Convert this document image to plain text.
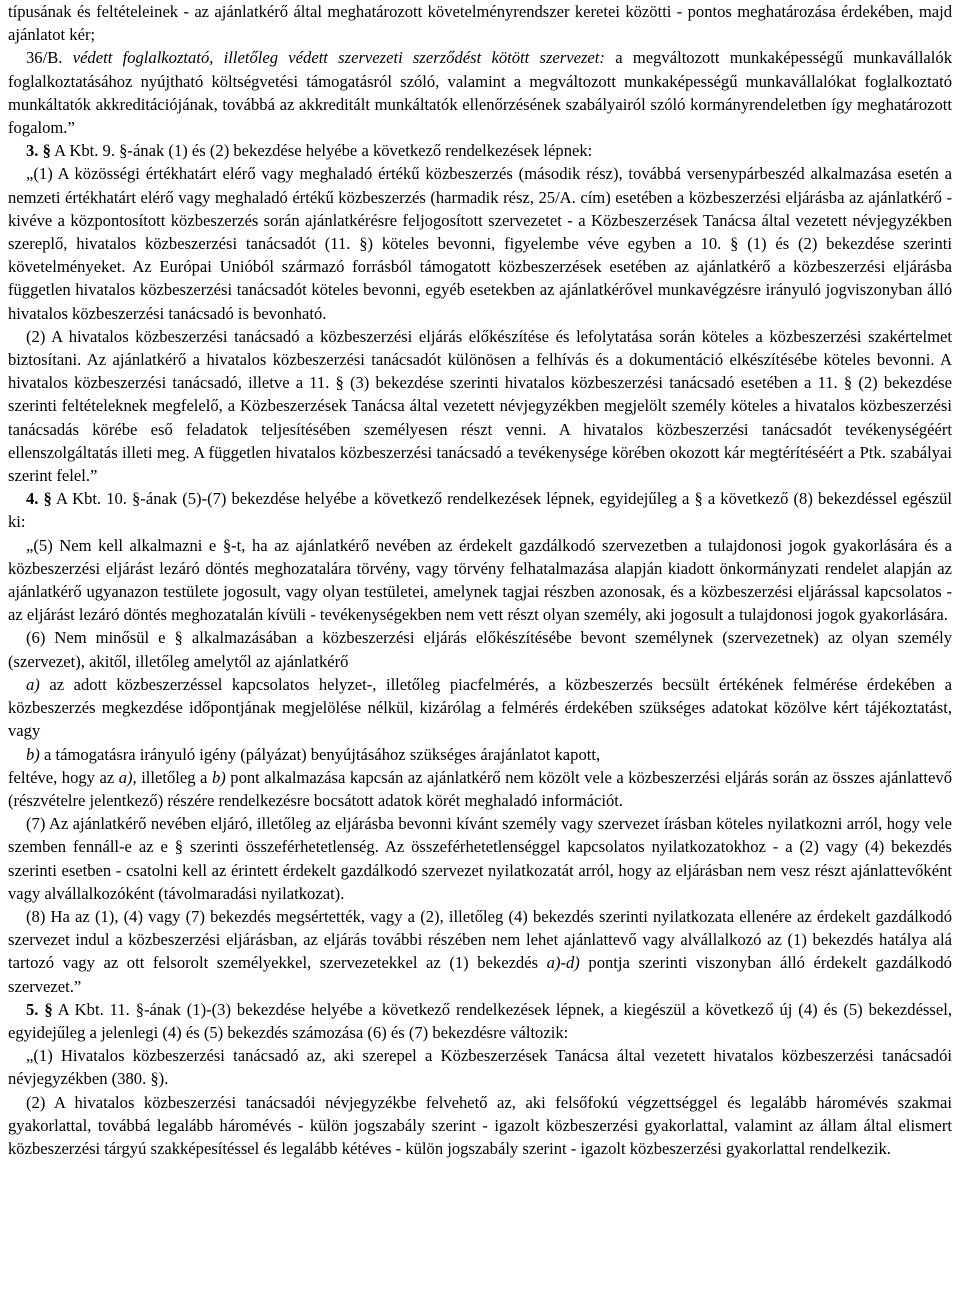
típusának és feltételeinek - az ajánlatkérő által meghatározott követelményrendszer keretei közötti - pontos meghatározása érdekében, majd ajánlatot kér;

36/B. védett foglalkoztató, illetőleg védett szervezeti szerződést kötött szervezet: a megváltozott munkaképességű munkavállalók foglalkoztatásához nyújtható költségvetési támogatásról szóló, valamint a megváltozott munkaképességű munkavállalókat foglalkoztató munkáltatók akkreditációjának, továbbá az akkreditált munkáltatók ellenőrzésének szabályairól szóló kormányrendeletben így meghatározott fogalom.”

3. § A Kbt. 9. §-ának (1) és (2) bekezdése helyébe a következő rendelkezések lépnek:

„(1) A közösségi értékhatárt elérő vagy meghaladó értékű közbeszerzés (második rész), továbbá versenypárbeszéd alkalmazása esetén a nemzeti értékhatárt elérő vagy meghaladó értékű közbeszerzés (harmadik rész, 25/A. cím) esetében a közbeszerzési eljárásba az ajánlatkérő - kivéve a központosított közbeszerzés során ajánlatkérésre feljogosított szervezetet - a Közbeszerzések Tanácsa által vezetett névjegyzékben szereplő, hivatalos közbeszerzési tanácsadót (11. §) köteles bevonni, figyelembe véve egyben a 10. § (1) és (2) bekezdése szerinti követelményeket. Az Európai Unióból származó forrásból támogatott közbeszerzések esetében az ajánlatkérő a közbeszerzési eljárásba független hivatalos közbeszerzési tanácsadót köteles bevonni, egyéb esetekben az ajánlatkérővel munkavégzésre irányuló jogviszonyban álló hivatalos közbeszerzési tanácsadó is bevonható.

(2) A hivatalos közbeszerzési tanácsadó a közbeszerzési eljárás előkészítése és lefolytatása során köteles a közbeszerzési szakértelmet biztosítani. Az ajánlatkérő a hivatalos közbeszerzési tanácsadót különösen a felhívás és a dokumentáció elkészítésébe köteles bevonni. A hivatalos közbeszerzési tanácsadó, illetve a 11. § (3) bekezdése szerinti hivatalos közbeszerzési tanácsadó esetében a 11. § (2) bekezdése szerinti feltételeknek megfelelő, a Közbeszerzések Tanácsa által vezetett névjegyzékben megjelölt személy köteles a hivatalos közbeszerzési tanácsadás körébe eső feladatok teljesítésében személyesen részt venni. A hivatalos közbeszerzési tanácsadót tevékenységéért ellenszolgáltatás illeti meg. A független hivatalos közbeszerzési tanácsadó a tevékenysége körében okozott kár megtérítéséért a Ptk. szabályai szerint felel.”

4. § A Kbt. 10. §-ának (5)-(7) bekezdése helyébe a következő rendelkezések lépnek, egyidejűleg a § a következő (8) bekezdéssel egészül ki:

„(5) Nem kell alkalmazni e §-t, ha az ajánlatkérő nevében az érdekelt gazdálkodó szervezetben a tulajdonosi jogok gyakorlására és a közbeszerzési eljárást lezáró döntés meghozatalára törvény, vagy törvény felhatalmazása alapján kiadott önkormányzati rendelet alapján az ajánlatkérő ugyanazon testülete jogosult, vagy olyan testületei, amelynek tagjai részben azonosak, és a közbeszerzési eljárással kapcsolatos - az eljárást lezáró döntés meghozatalán kívüli - tevékenységekben nem vett részt olyan személy, aki jogosult a tulajdonosi jogok gyakorlására.

(6) Nem minősül e § alkalmazásában a közbeszerzési eljárás előkészítésébe bevont személynek (szervezetnek) az olyan személy (szervezet), akitől, illetőleg amelytől az ajánlatkérő

a) az adott közbeszerzéssel kapcsolatos helyzet-, illetőleg piacfelmérés, a közbeszerzés becsült értékének felmérése érdekében a közbeszerzés megkezdése időpontjának megjelölése nélkül, kizárólag a felmérés érdekében szükséges adatokat közölve kért tájékoztatást, vagy

b) a támogatásra irányuló igény (pályázat) benyújtásához szükséges árajánlatot kapott,

feltéve, hogy az a), illetőleg a b) pont alkalmazása kapcsán az ajánlatkérő nem közölt vele a közbeszerzési eljárás során az összes ajánlattevő (részvételre jelentkező) részére rendelkezésre bocsátott adatok körét meghaladó információt.

(7) Az ajánlatkérő nevében eljáró, illetőleg az eljárásba bevonni kívánt személy vagy szervezet írásban köteles nyilatkozni arról, hogy vele szemben fennáll-e az e § szerinti összeférhetetlenség. Az összeférhetetlenséggel kapcsolatos nyilatkozatokhoz - a (2) vagy (4) bekezdés szerinti esetben - csatolni kell az érintett érdekelt gazdálkodó szervezet nyilatkozatát arról, hogy az eljárásban nem vesz részt ajánlattevőként vagy alvállalkozóként (távolmaradási nyilatkozat).

(8) Ha az (1), (4) vagy (7) bekezdés megsértették, vagy a (2), illetőleg (4) bekezdés szerinti nyilatkozata ellenére az érdekelt gazdálkodó szervezet indul a közbeszerzési eljárásban, az eljárás további részében nem lehet ajánlattevő vagy alvállalkozó az (1) bekezdés hatálya alá tartozó vagy az ott felsorolt személyekkel, szervezetekkel az (1) bekezdés a)-d) pontja szerinti viszonyban álló érdekelt gazdálkodó szervezet.”

5. § A Kbt. 11. §-ának (1)-(3) bekezdése helyébe a következő rendelkezések lépnek, a kiegészül a következő új (4) és (5) bekezdéssel, egyidejűleg a jelenlegi (4) és (5) bekezdés számozása (6) és (7) bekezdésre változik:

„(1) Hivatalos közbeszerzési tanácsadó az, aki szerepel a Közbeszerzések Tanácsa által vezetett hivatalos közbeszerzési tanácsadói névjegyzékben (380. §).

(2) A hivatalos közbeszerzési tanácsadói névjegyzékbe felvehető az, aki felsőfokú végzettséggel és legalább háromévés szakmai gyakorlattal, továbbá legalább háromévés - külön jogszabály szerint - igazolt közbeszerzési gyakorlattal, valamint az állam által elismert közbeszerzési tárgyú szakképesítéssel és legalább kétéves - külön jogszabály szerint - igazolt közbeszerzési gyakorlattal rendelkezik.
